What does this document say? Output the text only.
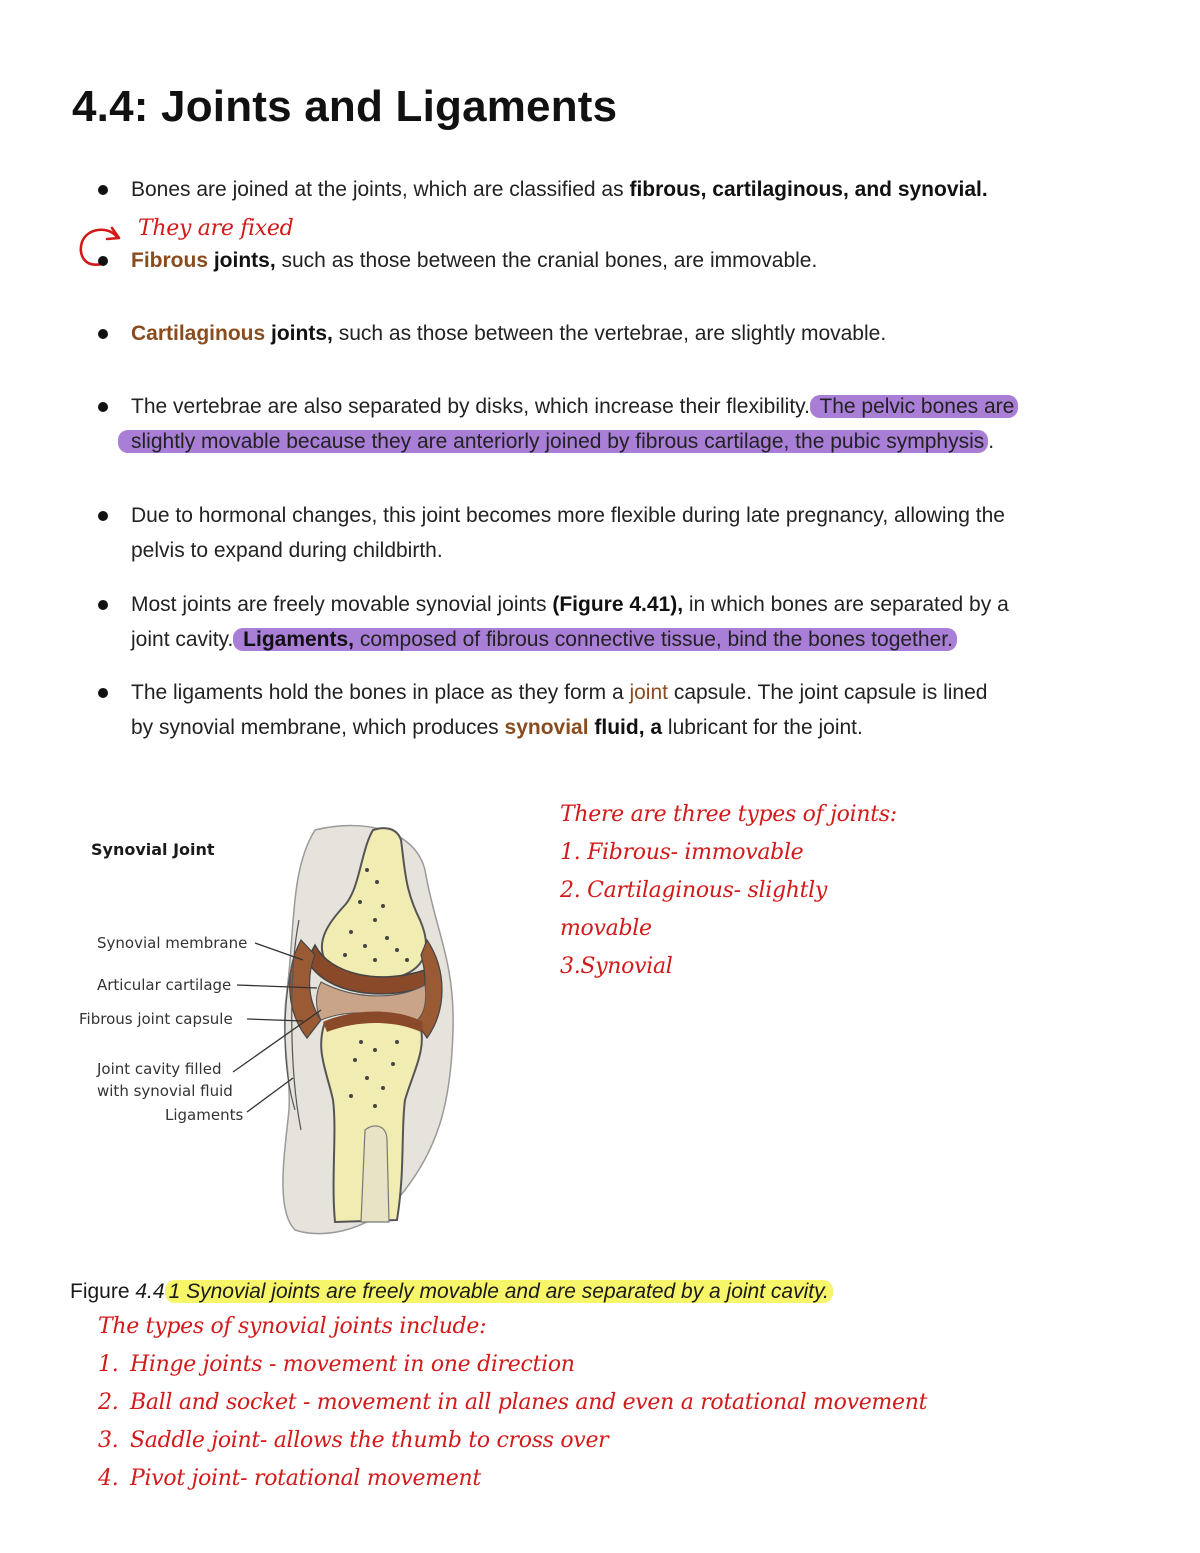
4.4: Joints and Ligaments
Bones are joined at the joints, which are classified as fibrous, cartilaginous, and synovial.
They are fixed
Fibrous joints, such as those between the cranial bones, are immovable.
Cartilaginous joints, such as those between the vertebrae, are slightly movable.
The vertebrae are also separated by disks, which increase their flexibility. The pelvic bones are
slightly movable because they are anteriorly joined by fibrous cartilage, the pubic symphysis .
Due to hormonal changes, this joint becomes more flexible during late pregnancy, allowing the
pelvis to expand during childbirth.
Most joints are freely movable synovial joints (Figure 4.41), in which bones are separated by a
joint cavity. Ligaments, composed of fibrous connective tissue, bind the bones together.
The ligaments hold the bones in place as they form a joint capsule. The joint capsule is lined
by synovial membrane, which produces synovial fluid, a lubricant for the joint.
Synovial Joint
Synovial membrane
Articular cartilage
Fibrous joint capsule
Joint cavity filled
with synovial fluid
Ligaments
There are three types of joints:
1. Fibrous- immovable
2. Cartilaginous- slightly
movable
3.Synovial
Figure 4.4 1 Synovial joints are freely movable and are separated by a joint cavity.
The types of synovial joints include:
1. Hinge joints - movement in one direction
2. Ball and socket - movement in all planes and even a rotational movement
3. Saddle joint- allows the thumb to cross over
4. Pivot joint- rotational movement
